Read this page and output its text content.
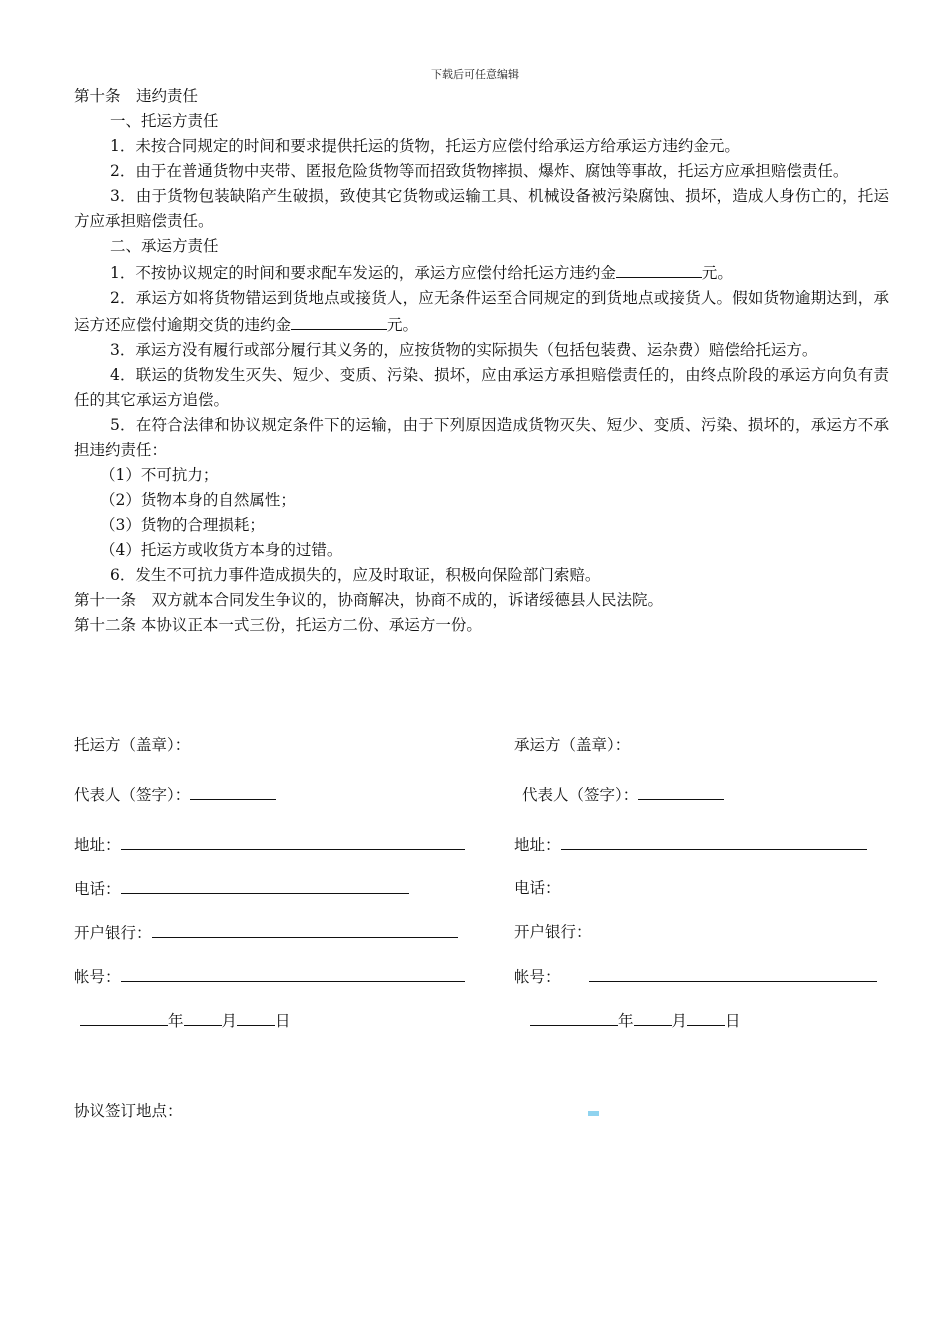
下载后可任意编辑

第十条　违约责任

一、托运方责任

1．未按合同规定的时间和要求提供托运的货物，托运方应偿付给承运方给承运方违约金元。

2．由于在普通货物中夹带、匿报危险货物等而招致货物摔损、爆炸、腐蚀等事故，托运方应承担赔偿责任。

3．由于货物包装缺陷产生破损，致使其它货物或运输工具、机械设备被污染腐蚀、损坏，造成人身伤亡的，托运方应承担赔偿责任。

二、承运方责任

1．不按协议规定的时间和要求配车发运的，承运方应偿付给托运方违约金	元。

2．承运方如将货物错运到货地点或接货人，应无条件运至合同规定的到货地点或接货人。假如货物逾期达到，承运方还应偿付逾期交货的违约金	元。

3．承运方没有履行或部分履行其义务的，应按货物的实际损失（包括包装费、运杂费）赔偿给托运方。

4．联运的货物发生灭失、短少、变质、污染、损坏，应由承运方承担赔偿责任的，由终点阶段的承运方向负有责任的其它承运方追偿。

5．在符合法律和协议规定条件下的运输，由于下列原因造成货物灭失、短少、变质、污染、损坏的，承运方不承担违约责任：

（1）不可抗力；

（2）货物本身的自然属性；

（3）货物的合理损耗；

（4）托运方或收货方本身的过错。

6．发生不可抗力事件造成损失的，应及时取证，积极向保险部门索赔。

第十一条　双方就本合同发生争议的，协商解决，协商不成的，诉诸绥德县人民法院。

第十二条 本协议正本一式三份，托运方二份、承运方一份。

托运方（盖章）：
代表人（签字）：
地址：
电话：
开户银行：
帐号：
年 月 日
承运方（盖章）：
代表人（签字）：
地址：
电话：
开户银行：
帐号：
年 月 日
协议签订地点：
